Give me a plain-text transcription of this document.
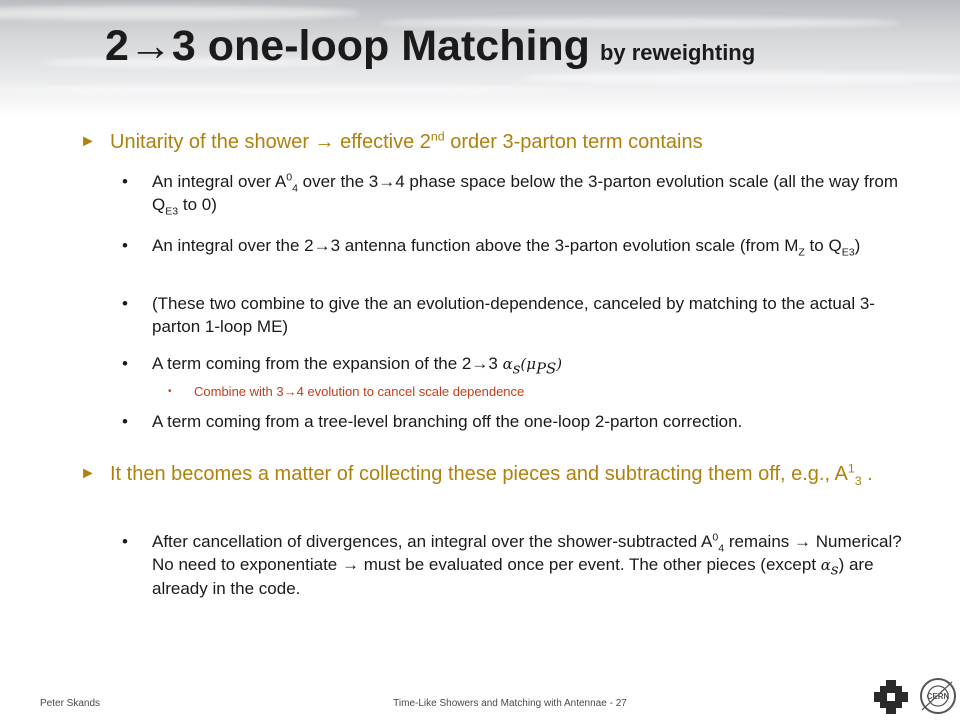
2→3 one-loop Matching by reweighting
► Unitarity of the shower → effective 2nd order 3-parton term contains
• An integral over $A^0_4$ over the 3→4 phase space below the 3-parton evolution scale (all the way from $Q_{E3}$ to 0)
• An integral over the 2→3 antenna function above the 3-parton evolution scale (from $M_Z$ to $Q_{E3}$)
• (These two combine to give the an evolution-dependence, canceled by matching to the actual 3-parton 1-loop ME)
• A term coming from the expansion of the 2→3 $\alpha_s(\mu_{PS})$
• Combine with 3→4 evolution to cancel scale dependence
• A term coming from a tree-level branching off the one-loop 2-parton correction.
► It then becomes a matter of collecting these pieces and subtracting them off, e.g., $A^1_3$ .
• After cancellation of divergences, an integral over the shower-subtracted $A^0_4$ remains → Numerical? No need to exponentiate → must be evaluated once per event. The other pieces (except $\alpha_s$) are already in the code.
Peter Skands	Time-Like Showers and Matching with Antennae - 27
CERN
